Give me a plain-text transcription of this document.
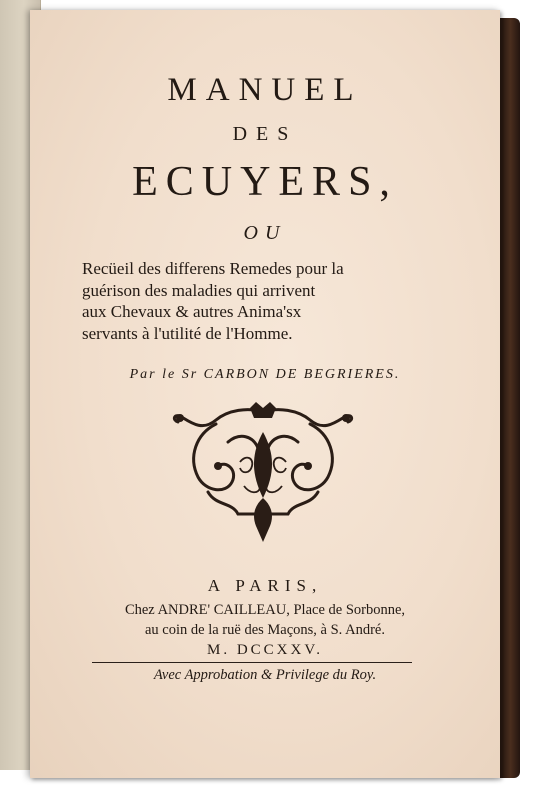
MANUEL
DES
ECUYERS,
OU
Recüeil des differens Remedes pour la
guérison des maladies qui arrivent
aux Chevaux & autres Anima'sx
servants à l'utilité de l'Homme.
Par le Sr CARBON DE BEGRIERES.
A PARIS,
Chez ANDRE' CAILLEAU, Place de Sorbonne,
au coin de la ruë des Maçons, à S. André.
M. DCCXXV.
Avec Approbation & Privilege du Roy.
